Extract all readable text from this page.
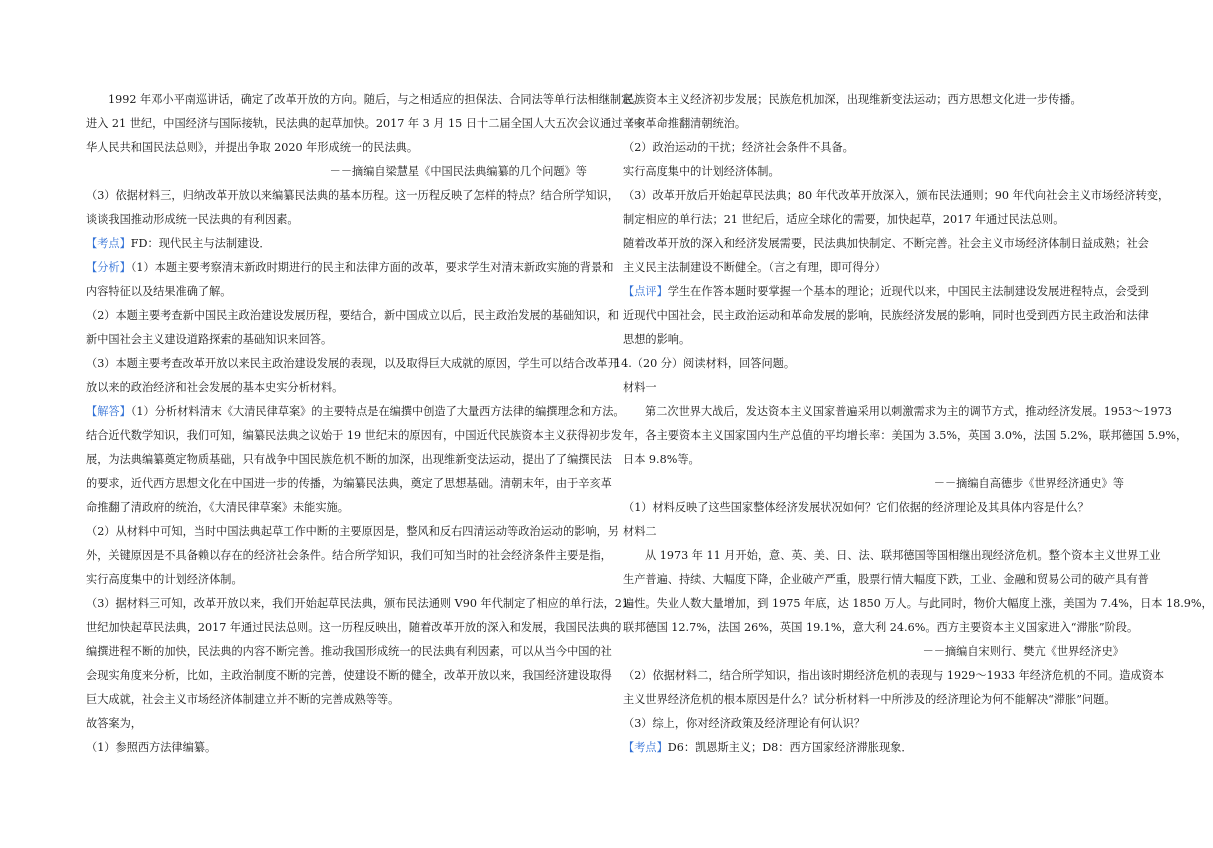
1992 年邓小平南巡讲话，确定了改革开放的方向。随后，与之相适应的担保法、合同法等单行法相继制定。
进入 21 世纪，中国经济与国际接轨，民法典的起草加快。2017 年 3 月 15 日十二届全国人大五次会议通过《中
华人民共和国民法总则》，并提出争取 2020 年形成统一的民法典。
－－摘编自梁慧星《中国民法典编纂的几个问题》等
（3）依据材料三，归纳改革开放以来编纂民法典的基本历程。这一历程反映了怎样的特点？结合所学知识，
谈谈我国推动形成统一民法典的有利因素。
【考点】FD：现代民主与法制建设．
【分析】（1）本题主要考察清末新政时期进行的民主和法律方面的改革，要求学生对清末新政实施的背景和
内容特征以及结果准确了解。
（2）本题主要考查新中国民主政治建设发展历程，要结合，新中国成立以后，民主政治发展的基础知识，和
新中国社会主义建设道路探索的基础知识来回答。
（3）本题主要考查改革开放以来民主政治建设发展的表现，以及取得巨大成就的原因，学生可以结合改革开
放以来的政治经济和社会发展的基本史实分析材料。
【解答】（1）分析材料清末《大清民律草案》的主要特点是在编撰中创造了大量西方法律的编撰理念和方法。
结合近代数学知识，我们可知，编纂民法典之议始于 19 世纪末的原因有，中国近代民族资本主义获得初步发
展，为法典编纂奠定物质基础，只有战争中国民族危机不断的加深，出现维新变法运动，提出了了编撰民法
的要求，近代西方思想文化在中国进一步的传播，为编纂民法典，奠定了思想基础。清朝末年，由于辛亥革
命推翻了清政府的统治，《大清民律草案》未能实施。
（2）从材料中可知，当时中国法典起草工作中断的主要原因是，整风和反右四清运动等政治运动的影响，另
外，关键原因是不具备赖以存在的经济社会条件。结合所学知识，我们可知当时的社会经济条件主要是指，
实行高度集中的计划经济体制。
（3）据材料三可知，改革开放以来，我们开始起草民法典，颁布民法通则 V90 年代制定了相应的单行法，21
世纪加快起草民法典，2017 年通过民法总则。这一历程反映出，随着改革开放的深入和发展，我国民法典的
编撰进程不断的加快，民法典的内容不断完善。推动我国形成统一的民法典有利因素，可以从当今中国的社
会现实角度来分析，比如，主政治制度不断的完善，使建设不断的健全，改革开放以来，我国经济建设取得
巨大成就，社会主义市场经济体制建立并不断的完善成熟等等。
故答案为，
（1）参照西方法律编纂。
民族资本主义经济初步发展；民族危机加深，出现维新变法运动；西方思想文化进一步传播。
辛亥革命推翻清朝统治。
（2）政治运动的干扰；经济社会条件不具备。
实行高度集中的计划经济体制。
（3）改革开放后开始起草民法典；80 年代改革开放深入，颁布民法通则；90 年代向社会主义市场经济转变，
制定相应的单行法；21 世纪后，适应全球化的需要，加快起草，2017 年通过民法总则。
随着改革开放的深入和经济发展需要，民法典加快制定、不断完善。社会主义市场经济体制日益成熟；社会
主义民主法制建设不断健全。（言之有理，即可得分）
【点评】学生在作答本题时要掌握一个基本的理论；近现代以来，中国民主法制建设发展进程特点，会受到
近现代中国社会，民主政治运动和革命发展的影响，民族经济发展的影响，同时也受到西方民主政治和法律
思想的影响。
14.（20 分）阅读材料，回答问题。
材料一
第二次世界大战后，发达资本主义国家普遍采用以刺激需求为主的调节方式，推动经济发展。1953～1973
年，各主要资本主义国家国内生产总值的平均增长率：美国为 3.5%，英国 3.0%，法国 5.2%，联邦德国 5.9%，
日本 9.8%等。
－－摘编自高德步《世界经济通史》等
（1）材料反映了这些国家整体经济发展状况如何？它们依据的经济理论及其具体内容是什么？
材料二
从 1973 年 11 月开始，意、英、美、日、法、联邦德国等国相继出现经济危机。整个资本主义世界工业
生产普遍、持续、大幅度下降，企业破产严重，股票行情大幅度下跌，工业、金融和贸易公司的破产具有普
遍性。失业人数大量增加，到 1975 年底，达 1850 万人。与此同时，物价大幅度上涨，美国为 7.4%，日本 18.9%，
联邦德国 12.7%，法国 26%，英国 19.1%，意大利 24.6%。西方主要资本主义国家进入“滞胀”阶段。
－－摘编自宋则行、樊亢《世界经济史》
（2）依据材料二，结合所学知识，指出该时期经济危机的表现与 1929～1933 年经济危机的不同。造成资本
主义世界经济危机的根本原因是什么？试分析材料一中所涉及的经济理论为何不能解决“滞胀”问题。
（3）综上，你对经济政策及经济理论有何认识？
【考点】D6：凯恩斯主义；D8：西方国家经济滞胀现象．
